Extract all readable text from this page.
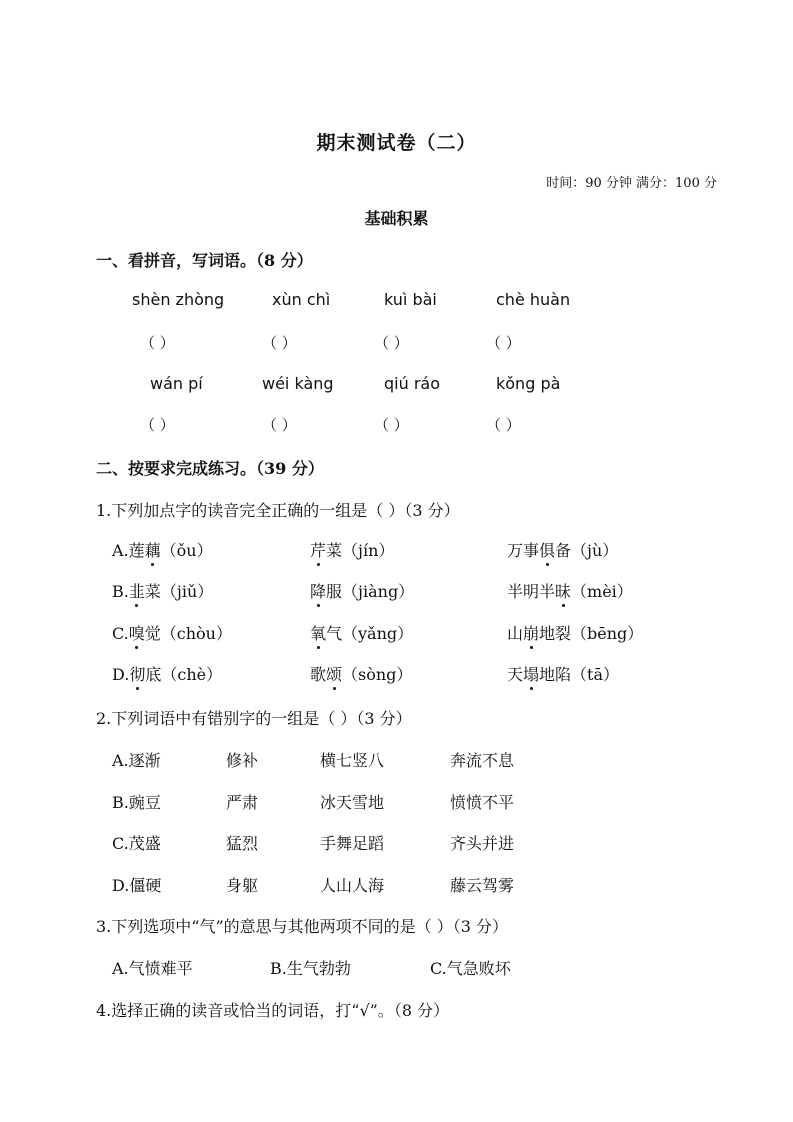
期末测试卷（二）
时间：90 分钟 满分：100 分
基础积累
一、看拼音，写词语。（8 分）
shèn zhòng	xùn chì	kuì bài	chè huàn
（ ）	（ ）	（ ）	（ ）
wán pí	wéi kàng	qiú ráo	kǒng pà
（ ）	（ ）	（ ）	（ ）
二、按要求完成练习。（39 分）
1.下列加点字的读音完全正确的一组是（ ）（3 分）
A.莲藕（ǒu）	芹菜（jín）	万事俱备（jù）
B.韭菜（jiǔ）	降服（jiàng）	半明半昧（mèi）
C.嗅觉（chòu）	氧气（yǎng）	山崩地裂（bēng）
D.彻底（chè）	歌颂（sòng）	天塌地陷（tā）
2.下列词语中有错别字的一组是（ ）（3 分）
A.逐渐	修补	横七竖八	奔流不息
B.豌豆	严肃	冰天雪地	愤愤不平
C.茂盛	猛烈	手舞足蹈	齐头并进
D.僵硬	身躯	人山人海	藤云驾雾
3.下列选项中“气”的意思与其他两项不同的是（ ）（3 分）
A.气愤难平	B.生气勃勃	C.气急败坏
4.选择正确的读音或恰当的词语，打“√”。（8 分）
